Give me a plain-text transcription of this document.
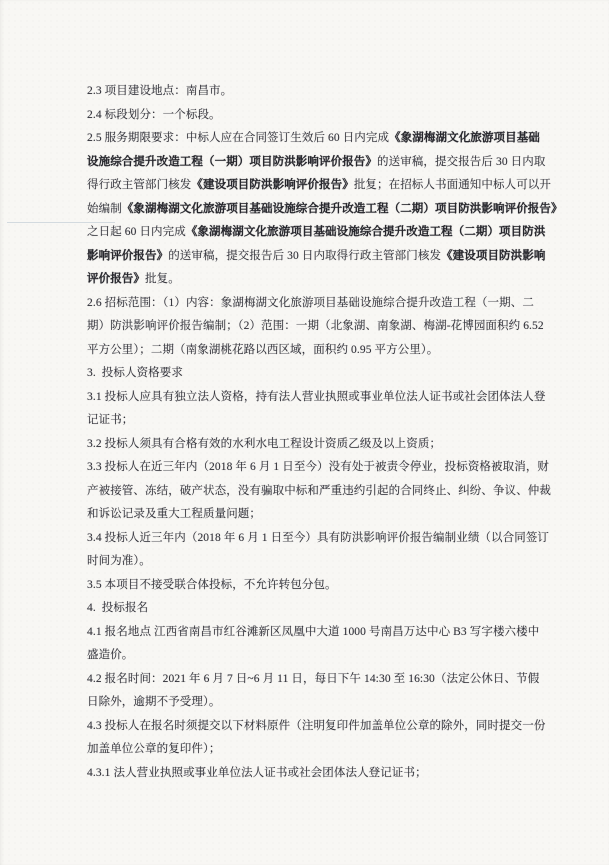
2.3 项目建设地点：南昌市。
2.4 标段划分：一个标段。
2.5 服务期限要求：中标人应在合同签订生效后 60 日内完成《象湖梅湖文化旅游项目基础
设施综合提升改造工程（一期）项目防洪影响评价报告》的送审稿，提交报告后 30 日内取
得行政主管部门核发《建设项目防洪影响评价报告》批复；在招标人书面通知中标人可以开
始编制《象湖梅湖文化旅游项目基础设施综合提升改造工程（二期）项目防洪影响评价报告》
之日起 60 日内完成《象湖梅湖文化旅游项目基础设施综合提升改造工程（二期）项目防洪
影响评价报告》的送审稿，提交报告后 30 日内取得行政主管部门核发《建设项目防洪影响
评价报告》批复。
2.6 招标范围：（1）内容：象湖梅湖文化旅游项目基础设施综合提升改造工程（一期、二
期）防洪影响评价报告编制；（2）范围：一期（北象湖、南象湖、梅湖-花博园面积约 6.52
平方公里）；二期（南象湖桃花路以西区域，面积约 0.95 平方公里）。
3.  投标人资格要求
3.1 投标人应具有独立法人资格，持有法人营业执照或事业单位法人证书或社会团体法人登
记证书；
3.2 投标人须具有合格有效的水利水电工程设计资质乙级及以上资质；
3.3 投标人在近三年内（2018 年 6 月 1 日至今）没有处于被责令停业，投标资格被取消，财
产被接管、冻结，破产状态，没有骗取中标和严重违约引起的合同终止、纠纷、争议、仲裁
和诉讼记录及重大工程质量问题；
3.4 投标人近三年内（2018 年 6 月 1 日至今）具有防洪影响评价报告编制业绩（以合同签订
时间为准）。
3.5 本项目不接受联合体投标，不允许转包分包。
4.  投标报名
4.1 报名地点 江西省南昌市红谷滩新区凤凰中大道 1000 号南昌万达中心 B3 写字楼六楼中
盛造价。
4.2 报名时间：2021 年 6 月 7 日~6 月 11 日，每日下午 14:30 至 16:30（法定公休日、节假
日除外，逾期不予受理）。
4.3 投标人在报名时须提交以下材料原件（注明复印件加盖单位公章的除外，同时提交一份
加盖单位公章的复印件）；
4.3.1 法人营业执照或事业单位法人证书或社会团体法人登记证书；
